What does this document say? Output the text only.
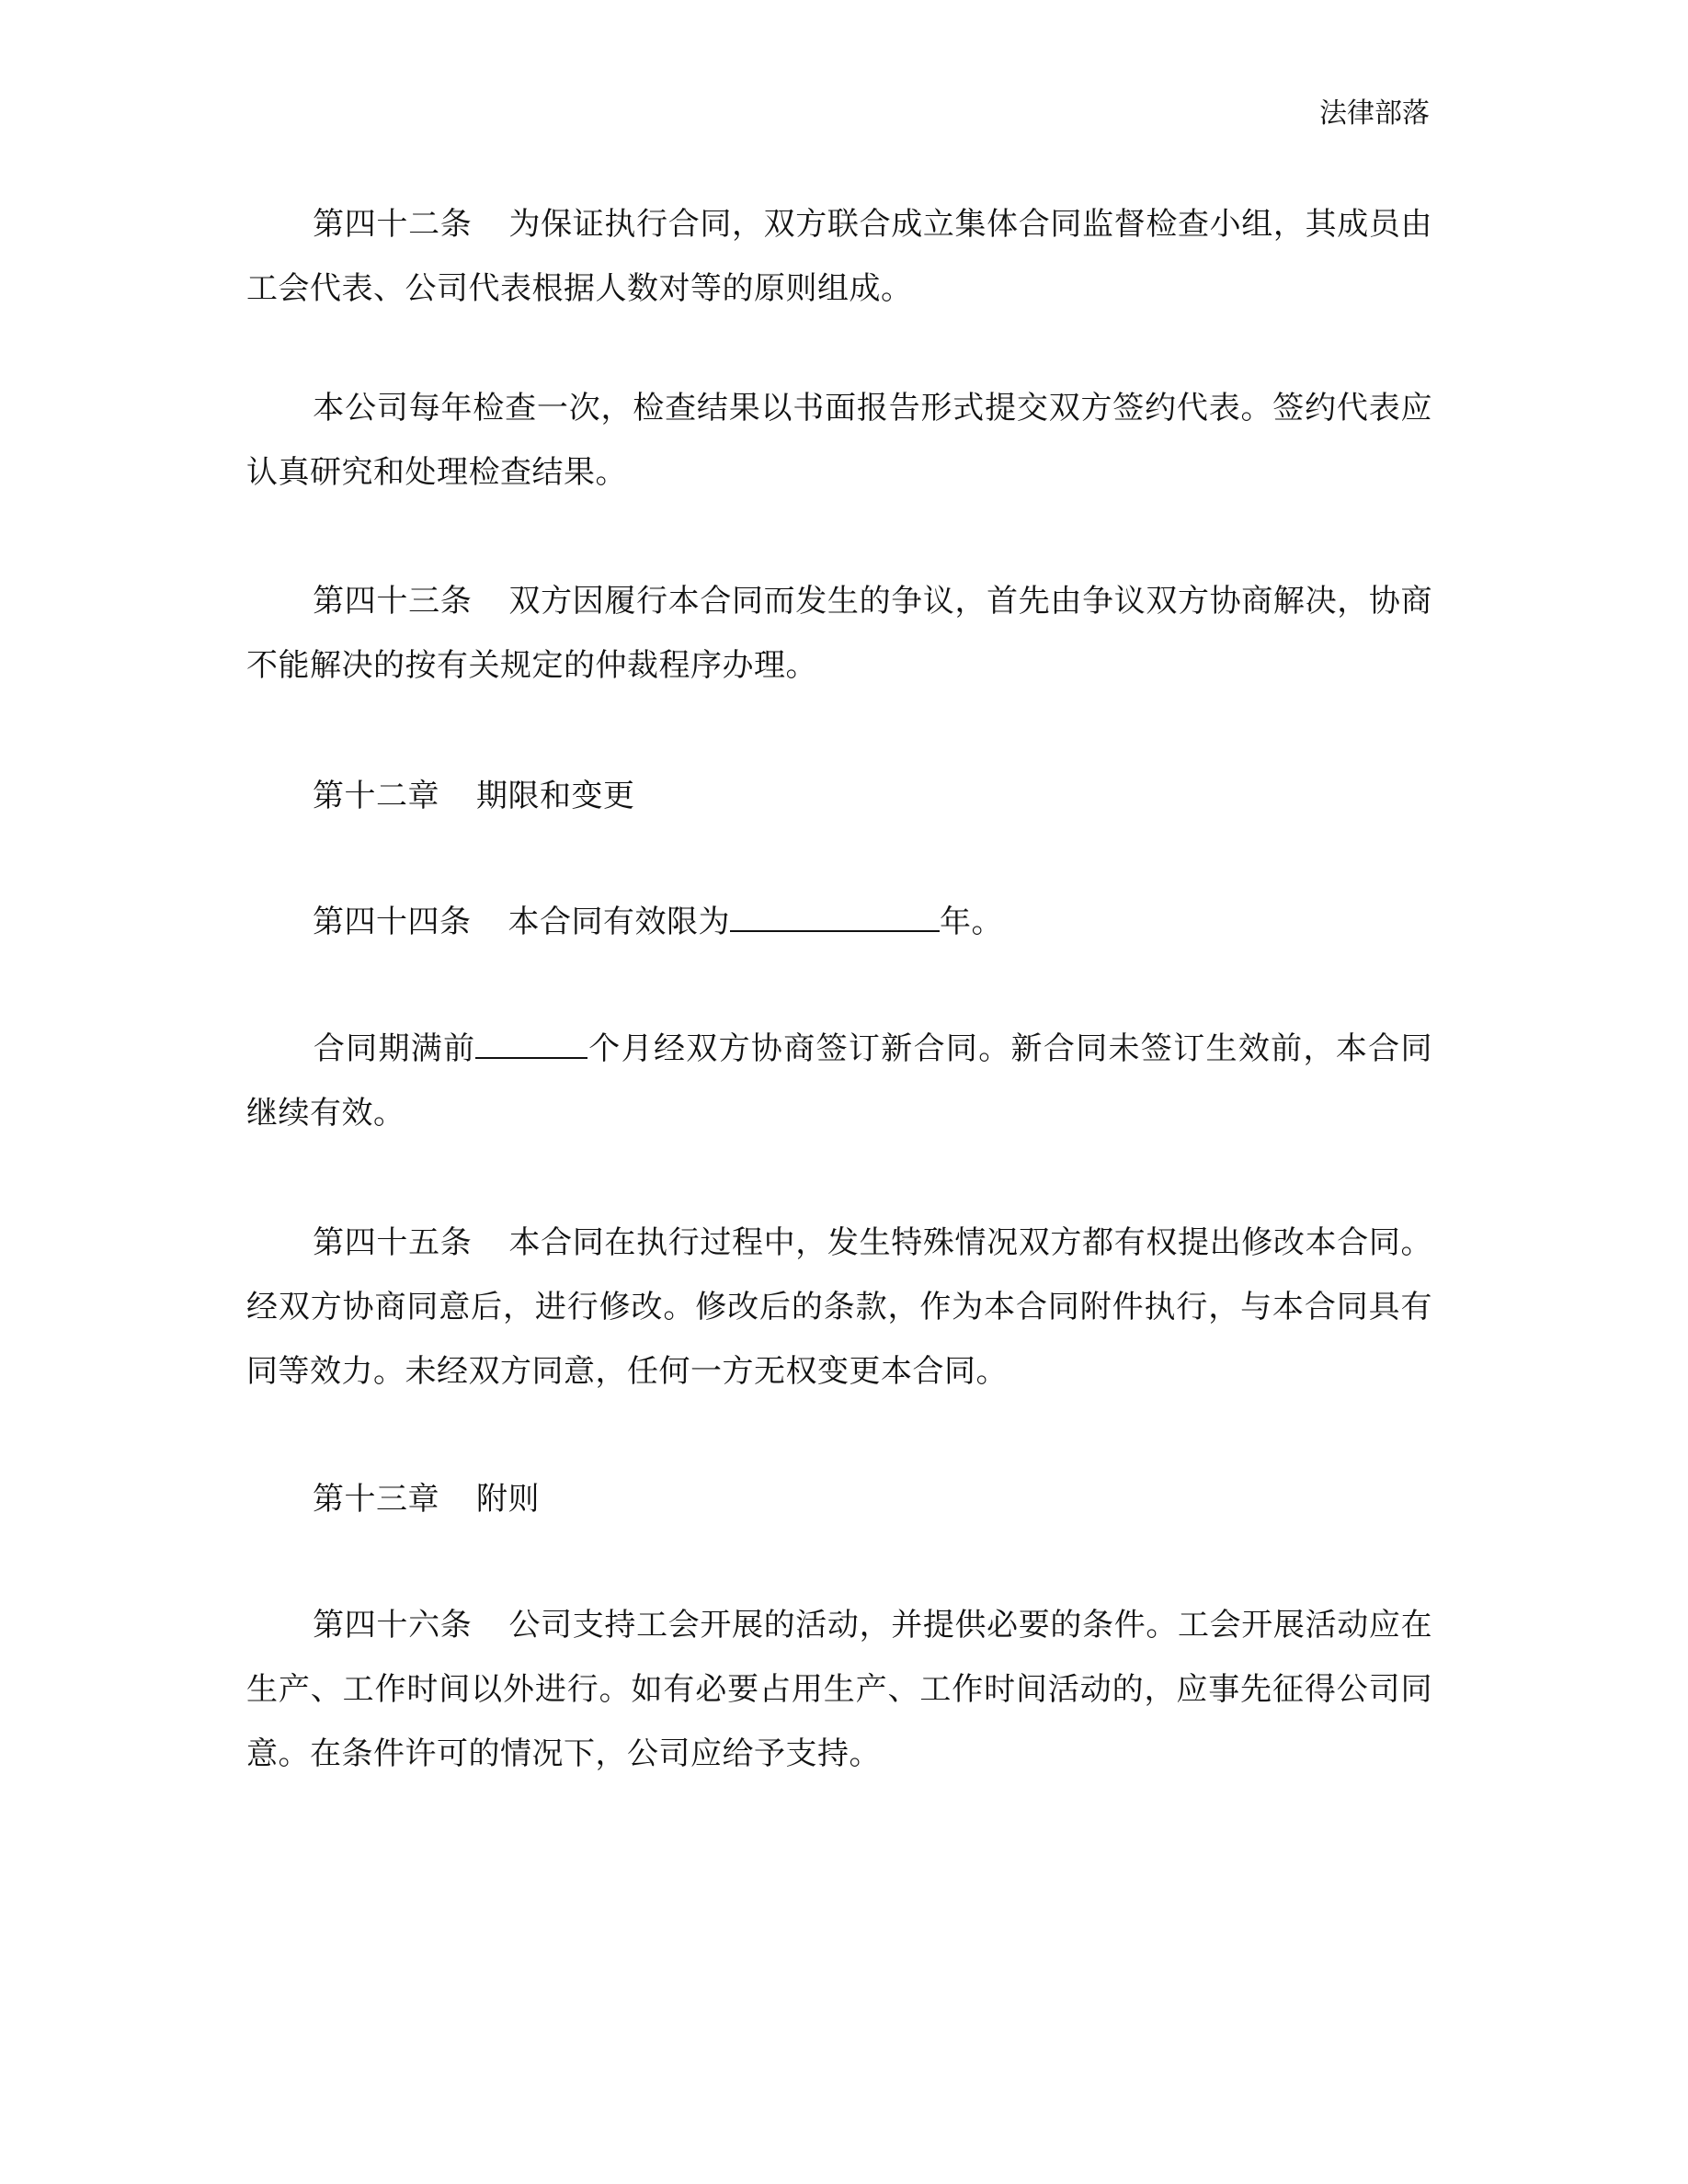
法律部落
第四十二条 为保证执行合同，双方联合成立集体合同监督检查小组，其成员由工会代表、公司代表根据人数对等的原则组成。
本公司每年检查一次，检查结果以书面报告形式提交双方签约代表。签约代表应认真研究和处理检查结果。
第四十三条 双方因履行本合同而发生的争议，首先由争议双方协商解决，协商不能解决的按有关规定的仲裁程序办理。
第十二章 期限和变更
第四十四条 本合同有效限为	年。
合同期满前	个月经双方协商签订新合同。新合同未签订生效前，本合同继续有效。
第四十五条 本合同在执行过程中，发生特殊情况双方都有权提出修改本合同。经双方协商同意后，进行修改。修改后的条款，作为本合同附件执行，与本合同具有同等效力。未经双方同意，任何一方无权变更本合同。
第十三章 附则
第四十六条 公司支持工会开展的活动，并提供必要的条件。工会开展活动应在生产、工作时间以外进行。如有必要占用生产、工作时间活动的，应事先征得公司同意。在条件许可的情况下，公司应给予支持。
